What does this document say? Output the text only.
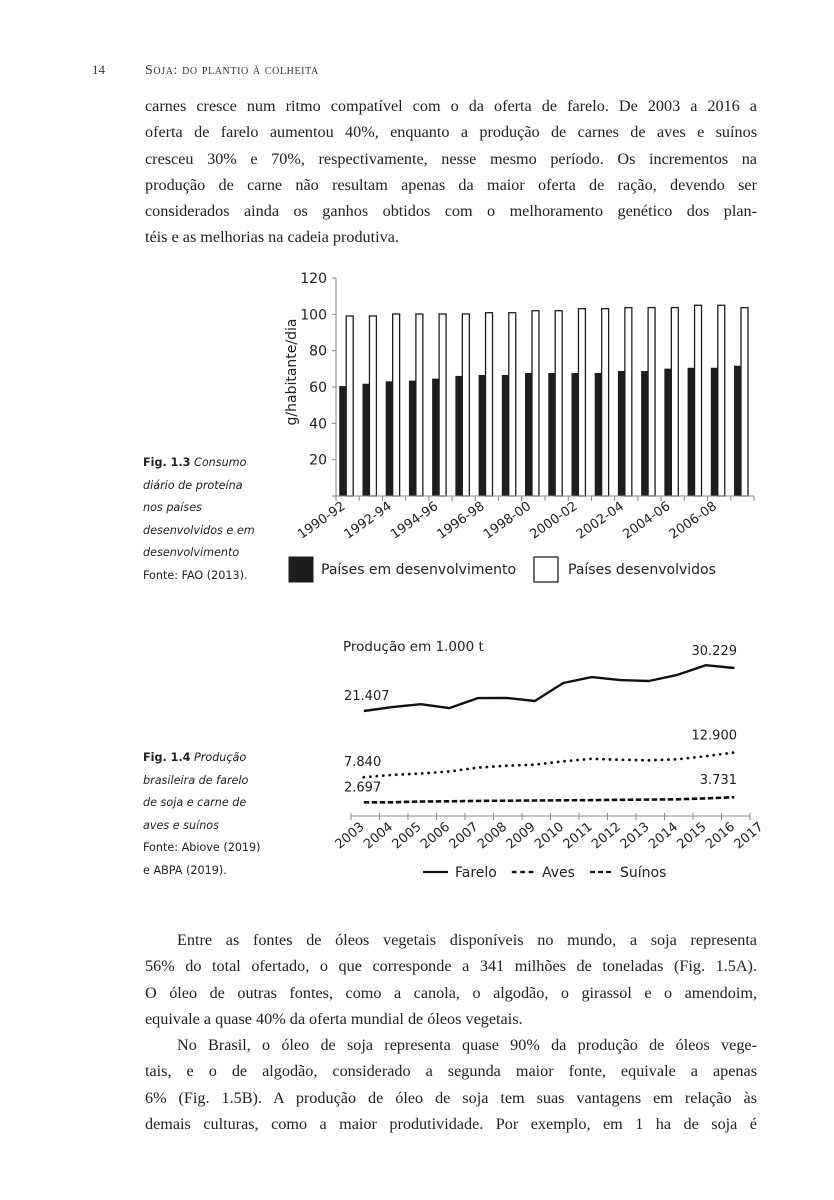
14	Soja: do plantio à colheita
carnes cresce num ritmo compatível com o da oferta de farelo. De 2003 a 2016 a
oferta de farelo aumentou 40%, enquanto a produção de carnes de aves e suínos
cresceu 30% e 70%, respectivamente, nesse mesmo período. Os incrementos na
produção de carne não resultam apenas da maior oferta de ração, devendo ser
considerados ainda os ganhos obtidos com o melhoramento genético dos plan-
téis e as melhorias na cadeia produtiva.
Fig. 1.3 Consumo
diário de proteína
nos países
desenvolvidos e em
desenvolvimento
Fonte: FAO (2013).
20
40
60
80
100
120
1990-92
1992-94
1994-96
1996-98
1998-00
2000-02
2002-04
2004-06
2006-08
g/habitante/dia
Países em desenvolvimento	Países desenvolvidos
Fig. 1.4 Produção
brasileira de farelo
de soja e carne de
aves e suínos
Fonte: Abiove (2019)
e ABPA (2019).
Produção em 1.000 t
21.407
30.229
7.840
12.900
2.697	3.731
2003
2004
2005
2006
2007
2008
2009
2010
2011
2012
2013
2014
2015
2016
2017
Farelo	Aves	Suínos
Entre as fontes de óleos vegetais disponíveis no mundo, a soja representa
56% do total ofertado, o que corresponde a 341 milhões de toneladas (Fig. 1.5A).
O óleo de outras fontes, como a canola, o algodão, o girassol e o amendoim,
equivale a quase 40% da oferta mundial de óleos vegetais.
No Brasil, o óleo de soja representa quase 90% da produção de óleos vege-
tais, e o de algodão, considerado a segunda maior fonte, equivale a apenas
6% (Fig. 1.5B). A produção de óleo de soja tem suas vantagens em relação às
demais culturas, como a maior produtividade. Por exemplo, em 1 ha de soja é
